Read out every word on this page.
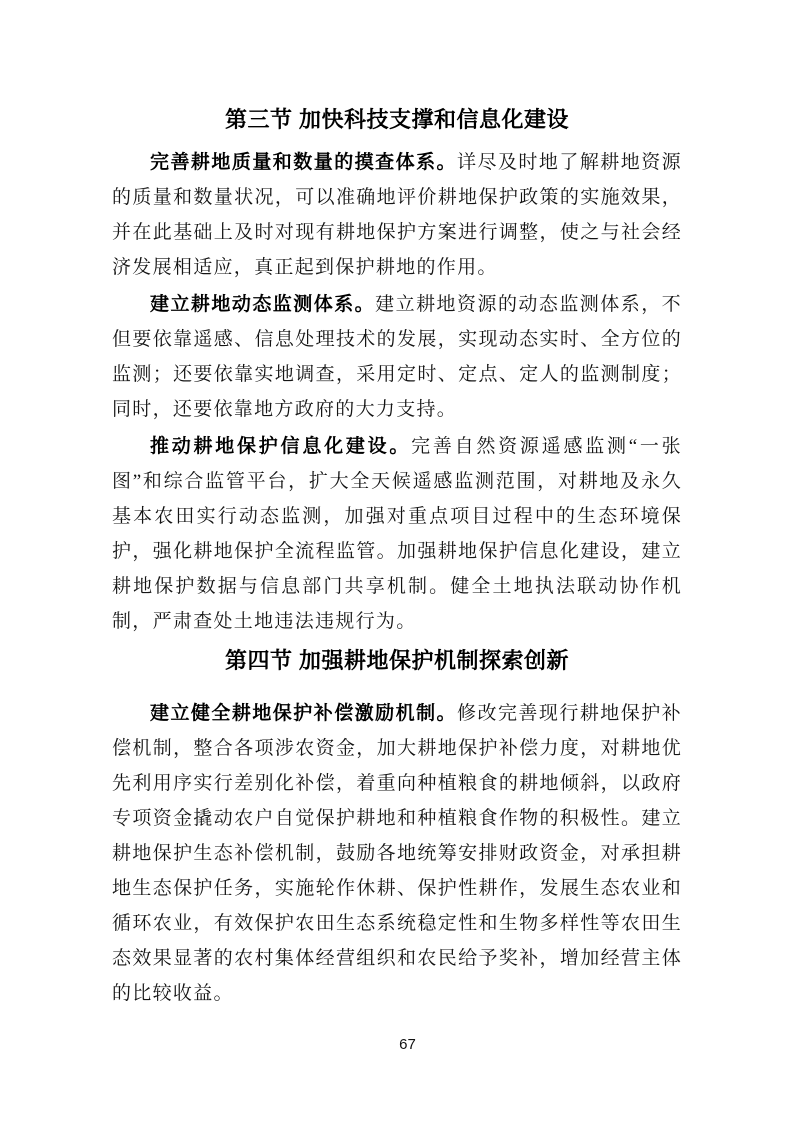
第三节 加快科技支撑和信息化建设

完善耕地质量和数量的摸查体系。详尽及时地了解耕地资源的质量和数量状况，可以准确地评价耕地保护政策的实施效果，并在此基础上及时对现有耕地保护方案进行调整，使之与社会经济发展相适应，真正起到保护耕地的作用。

建立耕地动态监测体系。建立耕地资源的动态监测体系，不但要依靠遥感、信息处理技术的发展，实现动态实时、全方位的监测；还要依靠实地调查，采用定时、定点、定人的监测制度；同时，还要依靠地方政府的大力支持。

推动耕地保护信息化建设。完善自然资源遥感监测“一张图”和综合监管平台，扩大全天候遥感监测范围，对耕地及永久基本农田实行动态监测，加强对重点项目过程中的生态环境保护，强化耕地保护全流程监管。加强耕地保护信息化建设，建立耕地保护数据与信息部门共享机制。健全土地执法联动协作机制，严肃查处土地违法违规行为。

第四节 加强耕地保护机制探索创新

建立健全耕地保护补偿激励机制。修改完善现行耕地保护补偿机制，整合各项涉农资金，加大耕地保护补偿力度，对耕地优先利用序实行差别化补偿，着重向种植粮食的耕地倾斜，以政府专项资金撬动农户自觉保护耕地和种植粮食作物的积极性。建立耕地保护生态补偿机制，鼓励各地统筹安排财政资金，对承担耕地生态保护任务，实施轮作休耕、保护性耕作，发展生态农业和循环农业，有效保护农田生态系统稳定性和生物多样性等农田生态效果显著的农村集体经营组织和农民给予奖补，增加经营主体的比较收益。

67
